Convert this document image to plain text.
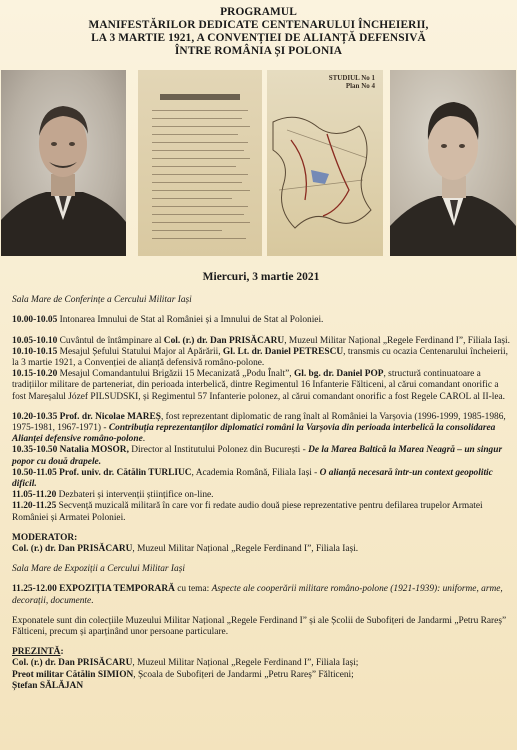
PROGRAMUL
MANIFESTĂRILOR DEDICATE CENTENARULUI ÎNCHEIERII,
LA 3 MARTIE 1921, A CONVENȚIEI DE ALIANȚĂ DEFENSIVĂ
ÎNTRE ROMÂNIA ȘI POLONIA
STUDIUL No 1
Plan No 4
Miercuri, 3 martie 2021
Sala Mare de Conferințe a Cercului Militar Iași
10.00-10.05 Intonarea Imnului de Stat al României și a Imnului de Stat al Poloniei.
10.05-10.10 Cuvântul de întâmpinare al Col. (r.) dr. Dan PRISĂCARU, Muzeul Militar Național „Regele Ferdinand I”, Filiala Iași.
10.10-10.15 Mesajul Șefului Statului Major al Apărării, Gl. Lt. dr. Daniel PETRESCU, transmis cu ocazia Centenarului încheierii, la 3 martie 1921, a Convenției de alianță defensivă româno-polone.
10.15-10.20 Mesajul Comandantului Brigăzii 15 Mecanizată „Podu Înalt”, Gl. bg. dr. Daniel POP, structură continuatoare a tradițiilor militare de parteneriat, din perioada interbelică, dintre Regimentul 16 Infanterie Fălticeni, al cărui comandant onorific a fost Mareșalul Józef PILSUDSKI, și Regimentul 57 Infanterie polonez, al cărui comandant onorific a fost Regele CAROL al II-lea.
10.20-10.35 Prof. dr. Nicolae MAREȘ, fost reprezentant diplomatic de rang înalt al României la Varșovia (1996-1999, 1985-1986, 1975-1981, 1967-1971) - Contribuția reprezentanților diplomatici români la Varșovia din perioada interbelică la consolidarea Alianței defensive româno-polone.
10.35-10.50 Natalia MOSOR, Director al Institutului Polonez din București - De la Marea Baltică la Marea Neagră – un singur popor cu două drapele.
10.50-11.05 Prof. univ. dr. Cătălin TURLIUC, Academia Română, Filiala Iași - O alianță necesară într-un context geopolitic dificil.
11.05-11.20 Dezbateri și intervenții științifice on-line.
11.20-11.25 Secvență muzicală militară în care vor fi redate audio două piese reprezentative pentru defilarea trupelor Armatei României și Armatei Poloniei.
MODERATOR:
Col. (r.) dr. Dan PRISĂCARU, Muzeul Militar Național „Regele Ferdinand I”, Filiala Iași.
Sala Mare de Expoziții a Cercului Militar Iași
11.25-12.00 EXPOZIȚIA TEMPORARĂ cu tema: Aspecte ale cooperării militare româno-polone (1921-1939): uniforme, arme, decorații, documente.
Exponatele sunt din colecțiile Muzeului Militar Național „Regele Ferdinand I” și ale Școlii de Subofițeri de Jandarmi „Petru Rareș” Fălticeni, precum și aparținând unor persoane particulare.
PREZINTĂ:
Col. (r.) dr. Dan PRISĂCARU, Muzeul Militar Național „Regele Ferdinand I”, Filiala Iași;
Preot militar Cătălin SIMION, Școala de Subofițeri de Jandarmi „Petru Rareș” Fălticeni;
Ștefan SĂLĂJAN
